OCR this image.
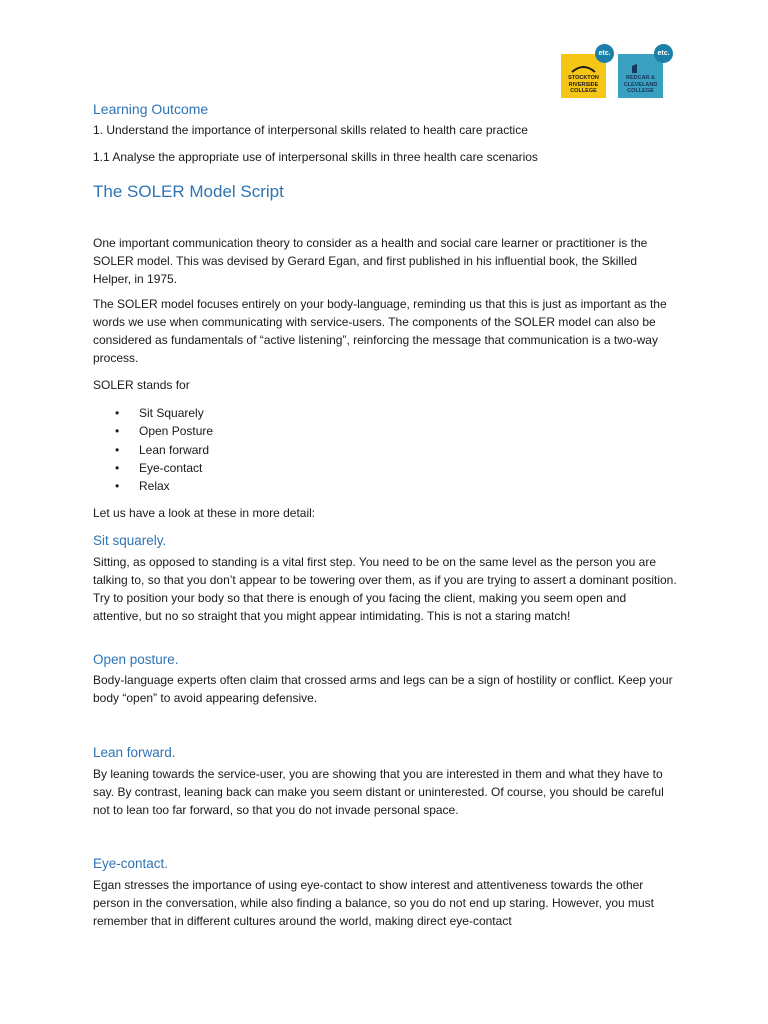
STOCKTON
RIVERSIDE
COLLEGE
etc.
REDCAR &
CLEVELAND
COLLEGE
etc.
Learning Outcome
1. Understand the importance of interpersonal skills related to health care practice
1.1 Analyse the appropriate use of interpersonal skills in three health care scenarios
The SOLER Model Script
One important communication theory to consider as a health and social care learner or practitioner is the SOLER model. This was devised by Gerard Egan, and first published in his influential book, the Skilled Helper, in 1975.
The SOLER model focuses entirely on your body-language, reminding us that this is just as important as the words we use when communicating with service-users. The components of the SOLER model can also be considered as fundamentals of “active listening”, reinforcing the message that communication is a two-way process.
SOLER stands for
• Sit Squarely
• Open Posture
• Lean forward
• Eye-contact
• Relax
Let us have a look at these in more detail:
Sit squarely.
Sitting, as opposed to standing is a vital first step. You need to be on the same level as the person you are talking to, so that you don’t appear to be towering over them, as if you are trying to assert a dominant position. Try to position your body so that there is enough of you facing the client, making you seem open and attentive, but no so straight that you might appear intimidating. This is not a staring match!
Open posture.
Body-language experts often claim that crossed arms and legs can be a sign of hostility or conflict. Keep your body “open” to avoid appearing defensive.
Lean forward.
By leaning towards the service-user, you are showing that you are interested in them and what they have to say. By contrast, leaning back can make you seem distant or uninterested. Of course, you should be careful not to lean too far forward, so that you do not invade personal space.
Eye-contact.
Egan stresses the importance of using eye-contact to show interest and attentiveness towards the other person in the conversation, while also finding a balance, so you do not end up staring. However, you must remember that in different cultures around the world, making direct eye-contact
